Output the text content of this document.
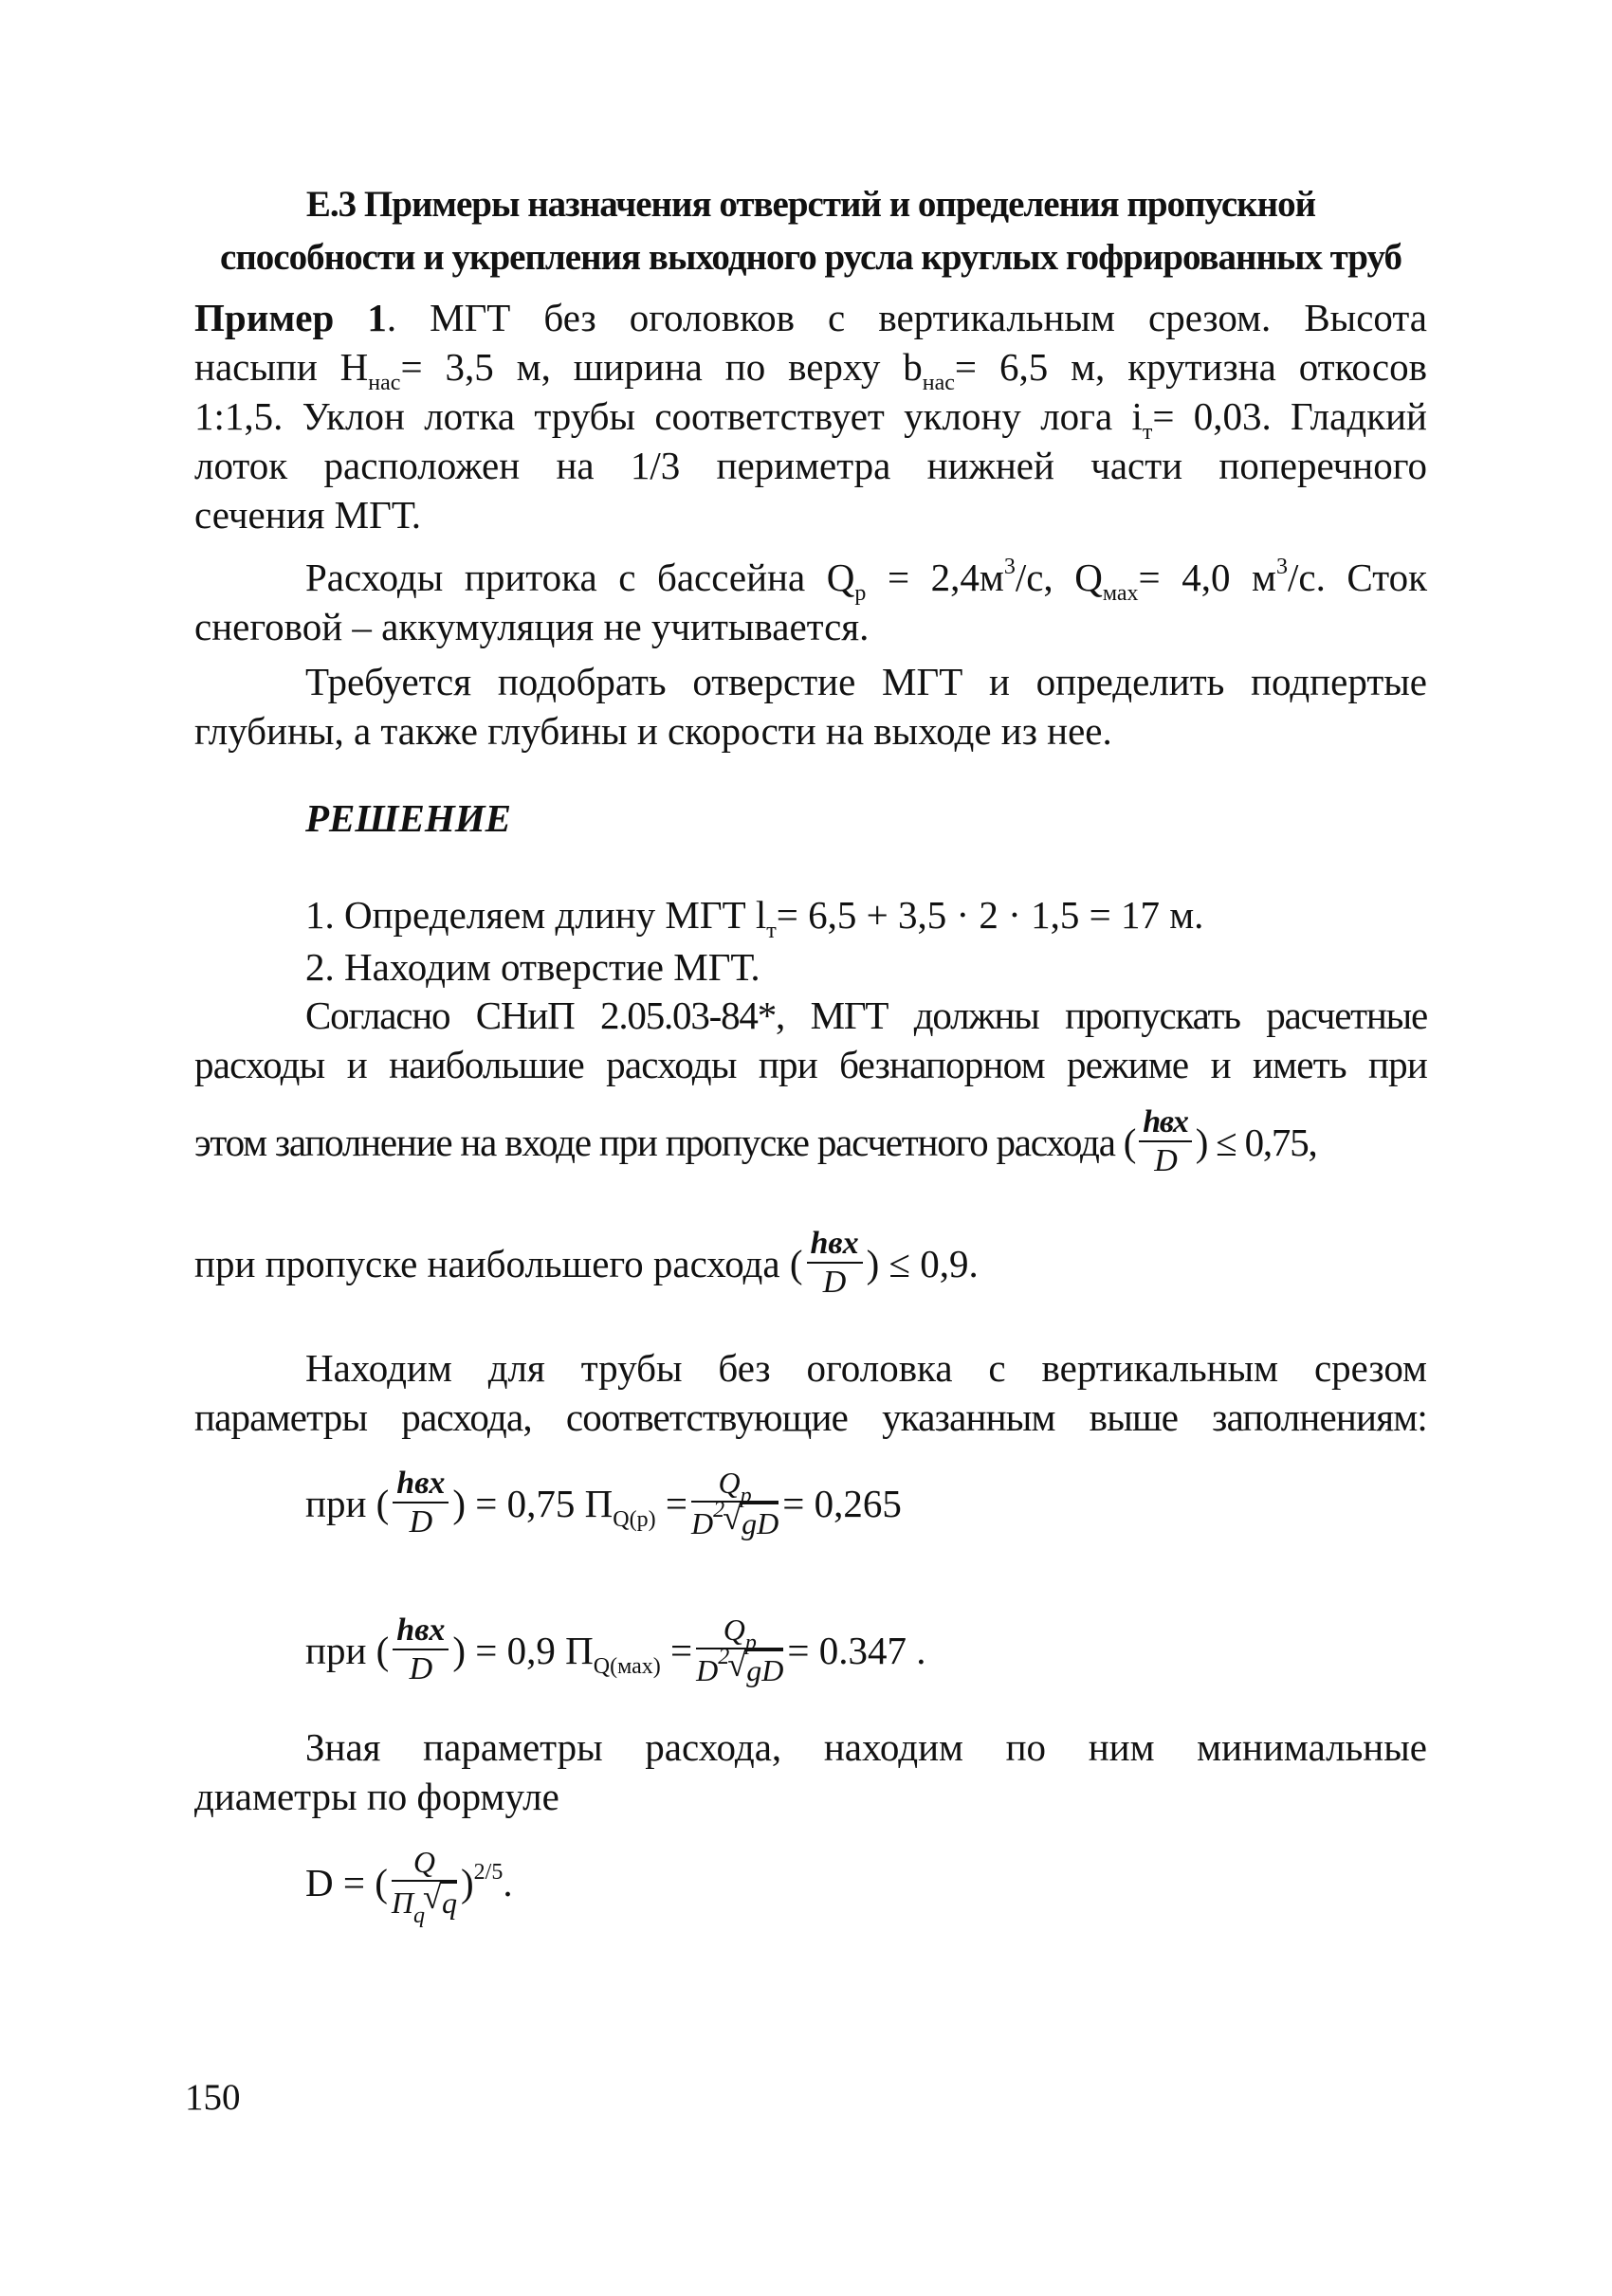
Е.3 Примеры назначения отверстий и определения пропускной
способности и укрепления выходного русла круглых гофрированных труб
Пример 1. МГТ без оголовков с вертикальным срезом. Высота
насыпи $Н_{нас}= 3,5$ м, ширина по верху $b_{нас}= 6,5$ м, крутизна откосов
1:1,5. Уклон лотка трубы соответствует уклону лога $i_т= 0,03$. Гладкий
лоток расположен на 1/3 периметра нижней части поперечного
сечения МГТ.
Расходы притока с бассейна $Q_р = 2,4м^3/с$, $Q_{мах}= 4,0$ $м^3/с$. Сток
снеговой – аккумуляция не учитывается.
Требуется подобрать отверстие МГТ и определить подпертые
глубины, а также глубины и скорости на выходе из нее.
РЕШЕНИЕ
1. Определяем длину МГТ $l_т= 6,5 + 3,5 \cdot 2 \cdot 1,5 = 17$ м.
2. Находим отверстие МГТ.
Согласно СНиП 2.05.03-84*, МГТ должны пропускать расчетные
расходы и наибольшие расходы при безнапорном режиме и иметь при
этом заполнение на входе при пропуске расчетного расхода ( $\frac{\text{hвх}}{D}$ ) ≤ 0,75,
при пропуске наибольшего расхода ( $\frac{\text{hвх}}{D}$ ) ≤ 0,9.
Находим для трубы без оголовка с вертикальным срезом
параметры расхода, соответствующие указанным выше заполнениям:
при ( $\frac{\text{hвх}}{D}$ ) = 0,75 $П_{Q(р)} = \frac{Q_р}{D^2 √ gD} = 0,265$
при ( $\frac{\text{hвх}}{D}$ ) = 0,9 $П_{Q(мах)} = \frac{Q_р}{D^2 √ gD} = 0.347$ .
Зная параметры расхода, находим по ним минимальные
диаметры по формуле
D = ( $\frac{Q}{П_q √ q} )^{2/5}$.
150
